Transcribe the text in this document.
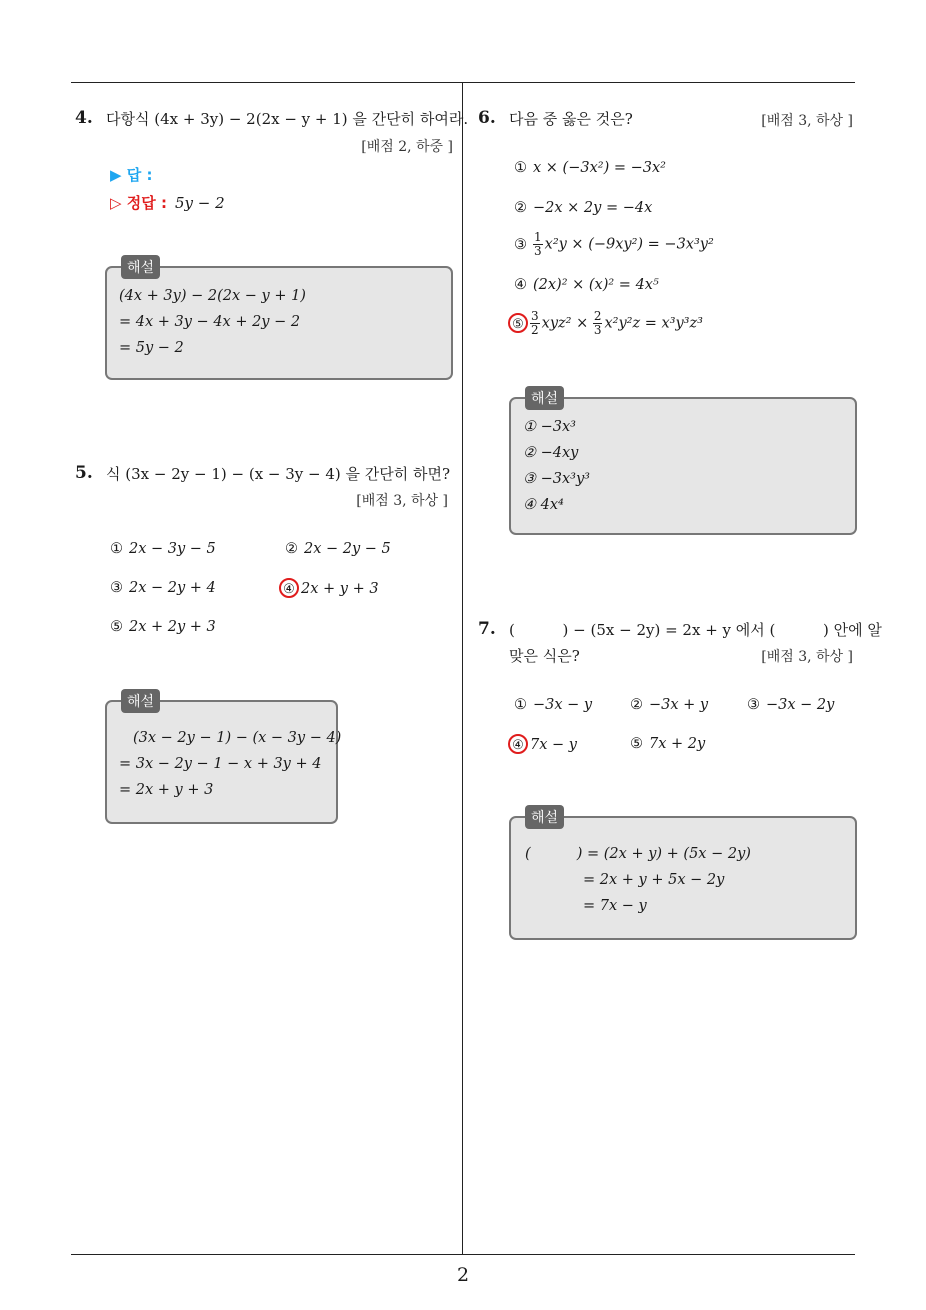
2
4. 다항식 (4x + 3y) − 2(2x − y + 1) 을 간단히 하여라.
[배점 2, 하중 ]
▶ 답 :
▷ 정답 : 5y − 2
해설
(4x + 3y) − 2(2x − y + 1)
= 4x + 3y − 4x + 2y − 2
= 5y − 2
5. 식 (3x − 2y − 1) − (x − 3y − 4) 을 간단히 하면?
[배점 3, 하상 ]
① 2x − 3y − 5	② 2x − 2y − 5
③ 2x − 2y + 4	④ 2x + y + 3
⑤ 2x + 2y + 3
해설
(3x − 2y − 1) − (x − 3y − 4)
= 3x − 2y − 1 − x + 3y + 4
= 2x + y + 3
6. 다음 중 옳은 것은?	[배점 3, 하상 ]
① x × (−3x²) = −3x²
② −2x × 2y = −4x
③ $\frac{1}{3} x^2y \times (-9xy^2) = -3x^3y^2$
④ (2x)² × (x)² = 4x⁵
⑤ $\frac{3}{2} xyz^2 \times \frac{2}{3} x^2y^2z = x^3y^3z^3$
해설
① −3x³
② −4xy
③ −3x³y³
④ 4x⁴
7. (          ) − (5x − 2y) = 2x + y 에서 (          ) 안에 알
맞은 식은?	[배점 3, 하상 ]
① −3x − y	② −3x + y	③ −3x − 2y
④ 7x − y	⑤ 7x + 2y
해설
(          ) = (2x + y) + (5x − 2y)
= 2x + y + 5x − 2y
= 7x − y
